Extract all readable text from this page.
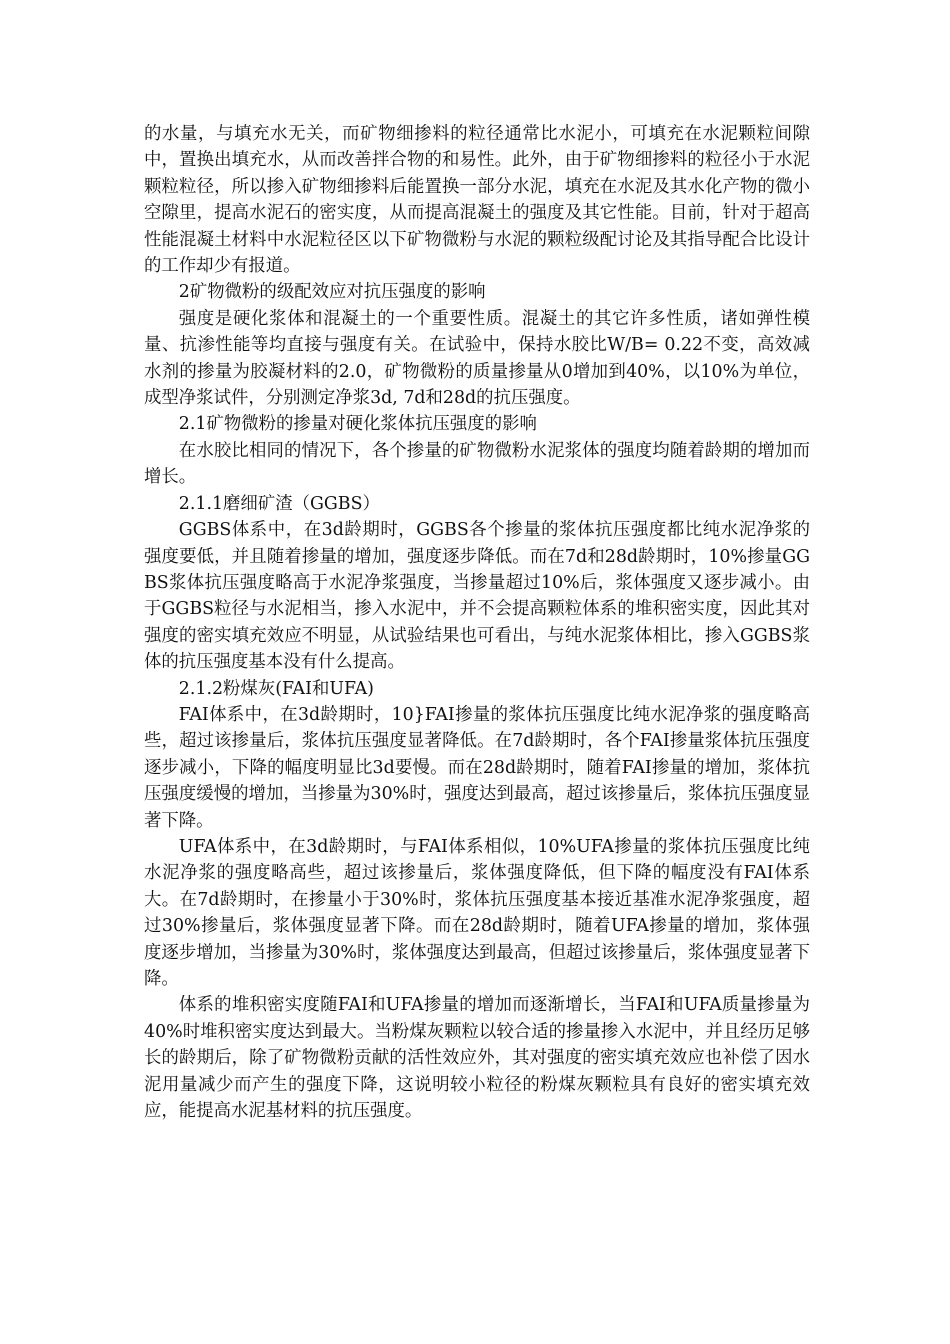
的水量，与填充水无关，而矿物细掺料的粒径通常比水泥小，可填充在水泥颗粒间隙中，置换出填充水，从而改善拌合物的和易性。此外，由于矿物细掺料的粒径小于水泥颗粒粒径，所以掺入矿物细掺料后能置换一部分水泥，填充在水泥及其水化产物的微小空隙里，提高水泥石的密实度，从而提高混凝土的强度及其它性能。目前，针对于超高性能混凝土材料中水泥粒径区以下矿物微粉与水泥的颗粒级配讨论及其指导配合比设计的工作却少有报道。

2矿物微粉的级配效应对抗压强度的影响

强度是硬化浆体和混凝土的一个重要性质。混凝土的其它许多性质，诸如弹性模量、抗渗性能等均直接与强度有关。在试验中，保持水胶比W/B= 0.22不变，高效减水剂的掺量为胶凝材料的2.0，矿物微粉的质量掺量从0增加到40%，以10%为单位，成型净浆试件，分别测定净浆3d, 7d和28d的抗压强度。

2.1矿物微粉的掺量对硬化浆体抗压强度的影响

在水胶比相同的情况下，各个掺量的矿物微粉水泥浆体的强度均随着龄期的增加而增长。

2.1.1磨细矿渣（GGBS）

GGBS体系中，在3d龄期时，GGBS各个掺量的浆体抗压强度都比纯水泥净浆的强度要低，并且随着掺量的增加，强度逐步降低。而在7d和28d龄期时，10%掺量GGBS浆体抗压强度略高于水泥净浆强度，当掺量超过10%后，浆体强度又逐步减小。由于GGBS粒径与水泥相当，掺入水泥中，并不会提高颗粒体系的堆积密实度，因此其对强度的密实填充效应不明显，从试验结果也可看出，与纯水泥浆体相比，掺入GGBS浆体的抗压强度基本没有什么提高。

2.1.2粉煤灰(FAI和UFA)

FAI体系中，在3d龄期时，10}FAI掺量的浆体抗压强度比纯水泥净浆的强度略高些，超过该掺量后，浆体抗压强度显著降低。在7d龄期时，各个FAI掺量浆体抗压强度逐步减小，下降的幅度明显比3d要慢。而在28d龄期时，随着FAI掺量的增加，浆体抗压强度缓慢的增加，当掺量为30%时，强度达到最高，超过该掺量后，浆体抗压强度显著下降。

UFA体系中，在3d龄期时，与FAI体系相似，10%UFA掺量的浆体抗压强度比纯水泥净浆的强度略高些，超过该掺量后，浆体强度降低，但下降的幅度没有FAI体系大。在7d龄期时，在掺量小于30%时，浆体抗压强度基本接近基准水泥净浆强度，超过30%掺量后，浆体强度显著下降。而在28d龄期时，随着UFA掺量的增加，浆体强度逐步增加，当掺量为30%时，浆体强度达到最高，但超过该掺量后，浆体强度显著下降。

体系的堆积密实度随FAI和UFA掺量的增加而逐渐增长，当FAI和UFA质量掺量为40%时堆积密实度达到最大。当粉煤灰颗粒以较合适的掺量掺入水泥中，并且经历足够长的龄期后，除了矿物微粉贡献的活性效应外，其对强度的密实填充效应也补偿了因水泥用量减少而产生的强度下降，这说明较小粒径的粉煤灰颗粒具有良好的密实填充效应，能提高水泥基材料的抗压强度。
